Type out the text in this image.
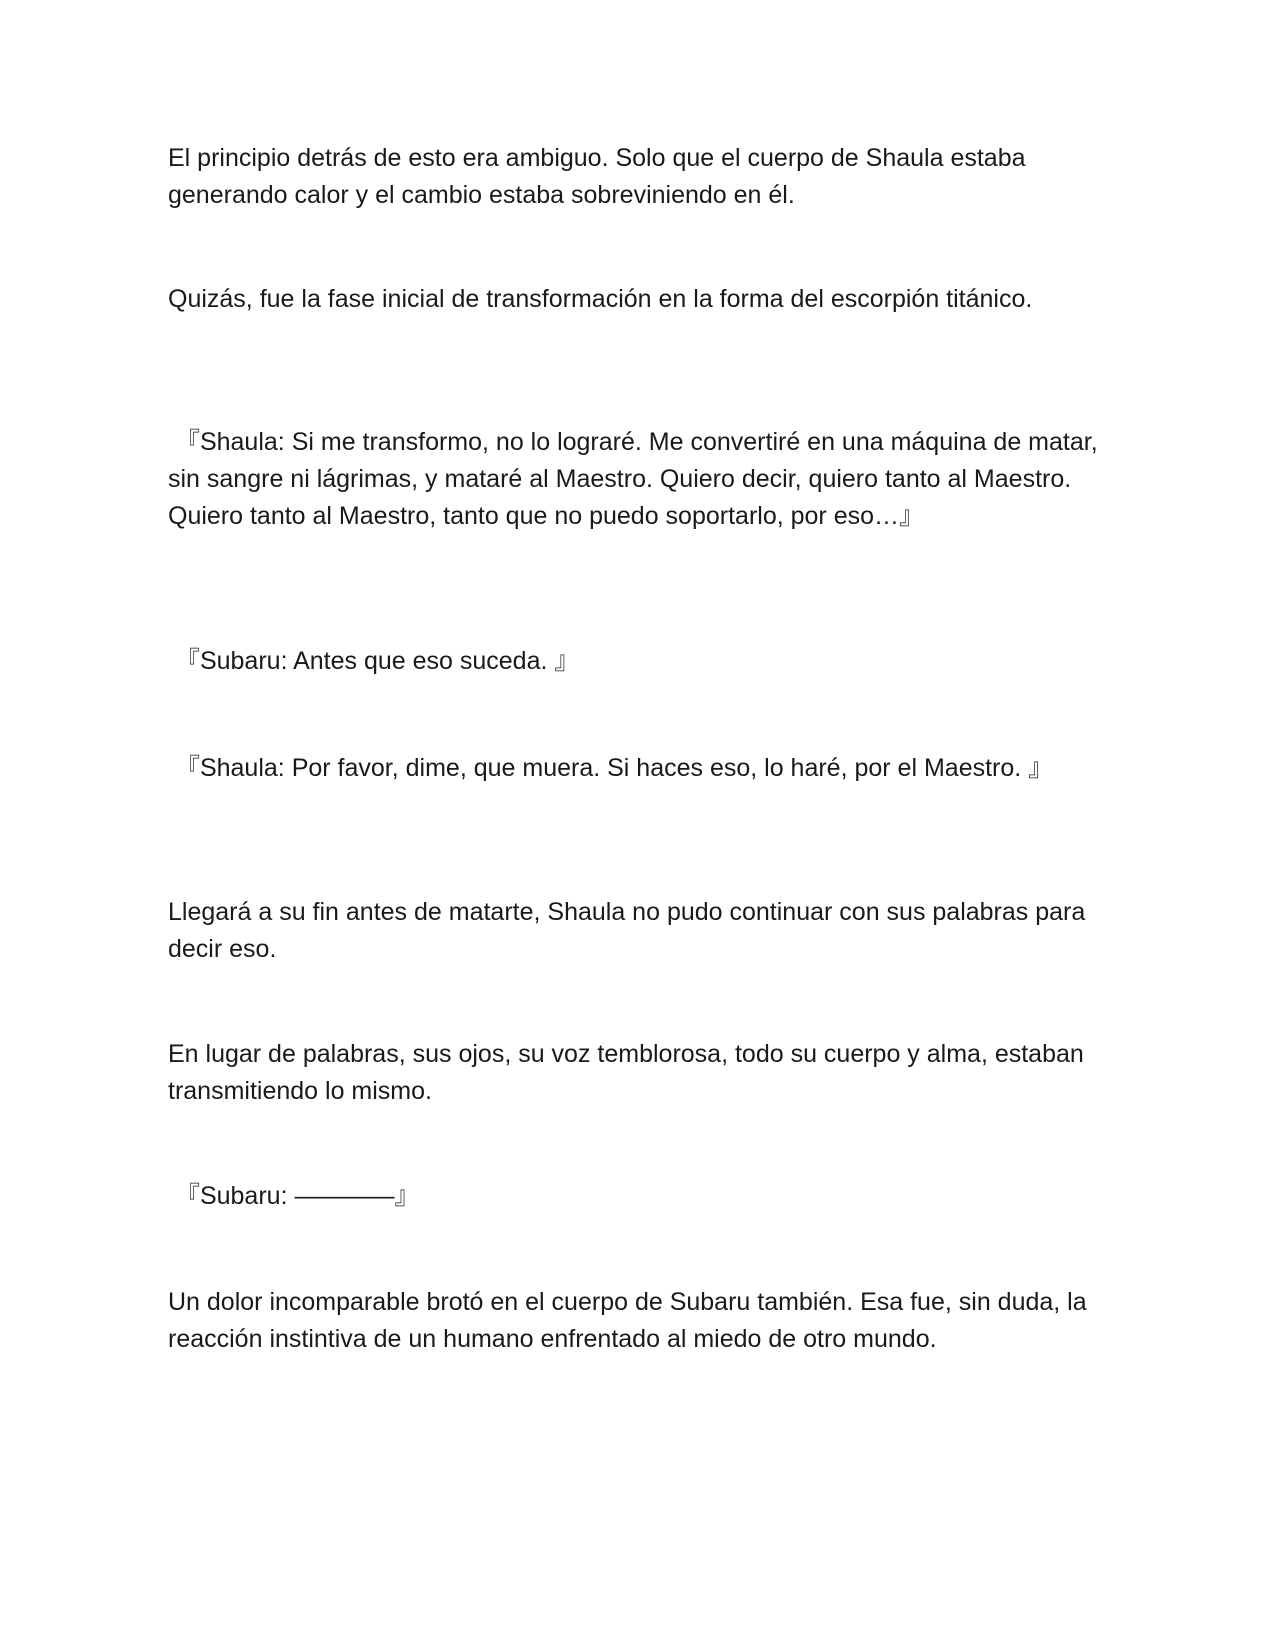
El principio detrás de esto era ambiguo. Solo que el cuerpo de Shaula estaba generando calor y el cambio estaba sobreviniendo en él.

Quizás, fue la fase inicial de transformación en la forma del escorpión titánico.

『Shaula: Si me transformo, no lo lograré. Me convertiré en una máquina de matar, sin sangre ni lágrimas, y mataré al Maestro. Quiero decir, quiero tanto al Maestro. Quiero tanto al Maestro, tanto que no puedo soportarlo, por eso…』

『Subaru: Antes que eso suceda. 』

『Shaula: Por favor, dime, que muera. Si haces eso, lo haré, por el Maestro. 』

Llegará a su fin antes de matarte, Shaula no pudo continuar con sus palabras para decir eso.

En lugar de palabras, sus ojos, su voz temblorosa, todo su cuerpo y alma, estaban transmitiendo lo mismo.

『Subaru: ————』

Un dolor incomparable brotó en el cuerpo de Subaru también. Esa fue, sin duda, la reacción instintiva de un humano enfrentado al miedo de otro mundo.
